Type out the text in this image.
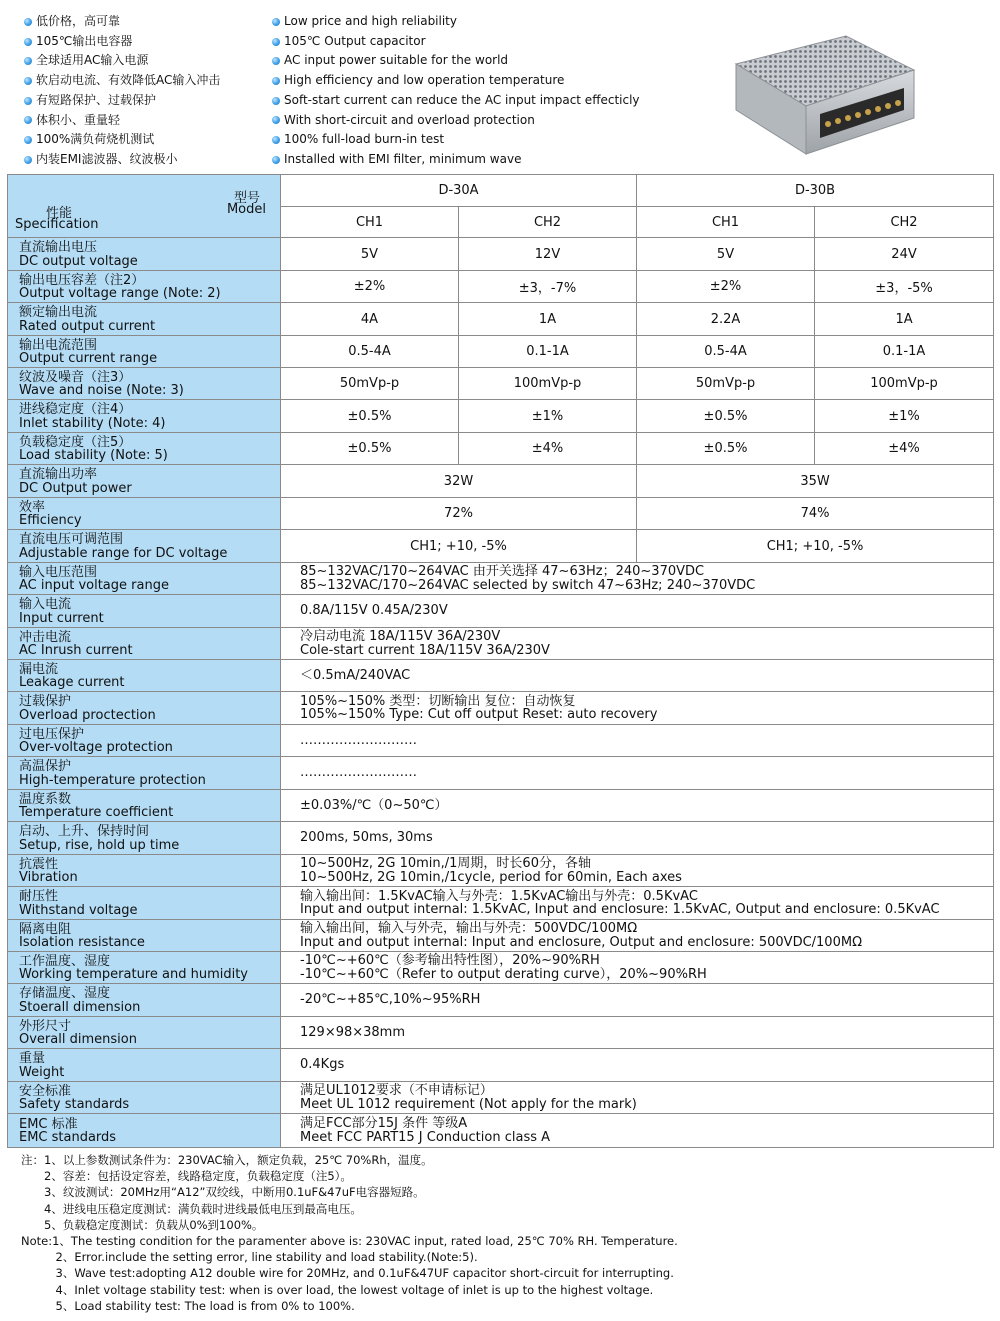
低价格，高可靠
105℃输出电容器
全球适用AC输入电源
软启动电流、有效降低AC输入冲击
有短路保护、过载保护
体积小、重量轻
100%满负荷烧机测试
内装EMI滤波器、纹波极小
Low price and high reliability
105℃ Output capacitor
AC input power suitable for the world
High efficiency and low operation temperature
Soft-start current can reduce the AC input impact effecticly
With short-circuit and overload protection
100% full-load burn-in test
Installed with EMI filter, minimum wave
型号
Model
性能
Specification	D-30A		D-30B	
	CH1	CH2	CH1	CH2

直流输出电压
DC output voltage	5V	12V	5V	24V

输出电压容差（注2）
Output voltage range (Note: 2)	±2%	±3，-7%	±2%	±3，-5%

额定输出电流
Rated output current	4A	1A	2.2A	1A

输出电流范围
Output current range	0.5-4A	0.1-1A	0.5-4A	0.1-1A

纹波及噪音（注3）
Wave and noise (Note: 3)	50mVp-p	100mVp-p	50mVp-p	100mVp-p

进线稳定度（注4）
Inlet stability (Note: 4)	±0.5%	±1%	±0.5%	±1%

负载稳定度（注5）
Load stability (Note: 5)	±0.5%	±4%	±0.5%	±4%

直流输出功率
DC Output power	32W		35W	

效率
Efficiency	72%		74%	

直流电压可调范围
Adjustable range for DC voltage	CH1; +10, -5%		CH1; +10, -5%	

输入电压范围
AC input voltage range	85~132VAC/170~264VAC 由开关选择 47~63Hz；240~370VDC
85~132VAC/170~264VAC selected by switch 47~63Hz; 240~370VDC			

输入电流
Input current	0.8A/115V 0.45A/230V			

冲击电流
AC Inrush current	冷启动电流 18A/115V 36A/230V
Cole-start current 18A/115V 36A/230V			

漏电流
Leakage current	＜0.5mA/240VAC			

过载保护
Overload proctection	105%~150% 类型：切断输出 复位：自动恢复
105%~150% Type: Cut off output Reset: auto recovery			

过电压保护
Over-voltage protection	………………………			

高温保护
High-temperature protection	………………………			

温度系数
Temperature coefficient	±0.03%/℃（0~50℃）			

启动、上升、保持时间
Setup, rise, hold up time	200ms, 50ms, 30ms			

抗震性
Vibration	10~500Hz, 2G 10min,/1周期，时长60分，各轴
10~500Hz, 2G 10min,/1cycle, period for 60min, Each axes			

耐压性
Withstand voltage	输入输出间：1.5KvAC输入与外壳：1.5KvAC输出与外壳：0.5KvAC
Input and output internal: 1.5KvAC, Input and enclosure: 1.5KvAC, Output and enclosure: 0.5KvAC			

隔离电阻
Isolation resistance	输入输出间，输入与外壳，输出与外壳：500VDC/100MΩ
Input and output internal: Input and enclosure, Output and enclosure: 500VDC/100MΩ			

工作温度、湿度
Working temperature and humidity	-10℃~+60℃（参考输出特性图），20%~90%RH
-10℃~+60℃（Refer to output derating curve），20%~90%RH			

存储温度、湿度
Stoerall dimension	-20℃~+85℃,10%~95%RH			

外形尺寸
Overall dimension	129×98×38mm			

重量
Weight	0.4Kgs			

安全标准
Safety standards	满足UL1012要求（不申请标记）
Meet UL 1012 requirement (Not apply for the mark)			

EMC 标准
EMC standards	满足FCC部分15J 条件 等级A
Meet FCC PART15 J Conduction class A			
注：1、以上参数测试条件为：230VAC输入，额定负载，25℃ 70%Rh，温度。
　　2、容差：包括设定容差，线路稳定度，负载稳定度（注5）。
　　3、纹波测试：20MHz用“A12”双绞线，中断用0.1uF&47uF电容器短路。
　　4、进线电压稳定度测试：满负载时进线最低电压到最高电压。
　　5、负载稳定度测试：负载从0%到100%。
Note:1、The testing condition for the paramenter above is: 230VAC input, rated load, 25℃ 70% RH. Temperature.
　　　2、Error.include the setting error, line stability and load stability.(Note:5).
　　　3、Wave test:adopting A12 double wire for 20MHz, and 0.1uF&47UF capacitor short-circuit for interrupting.
　　　4、Inlet voltage stability test: when is over load, the lowest voltage of inlet is up to the highest voltage.
　　　5、Load stability test: The load is from 0% to 100%.
